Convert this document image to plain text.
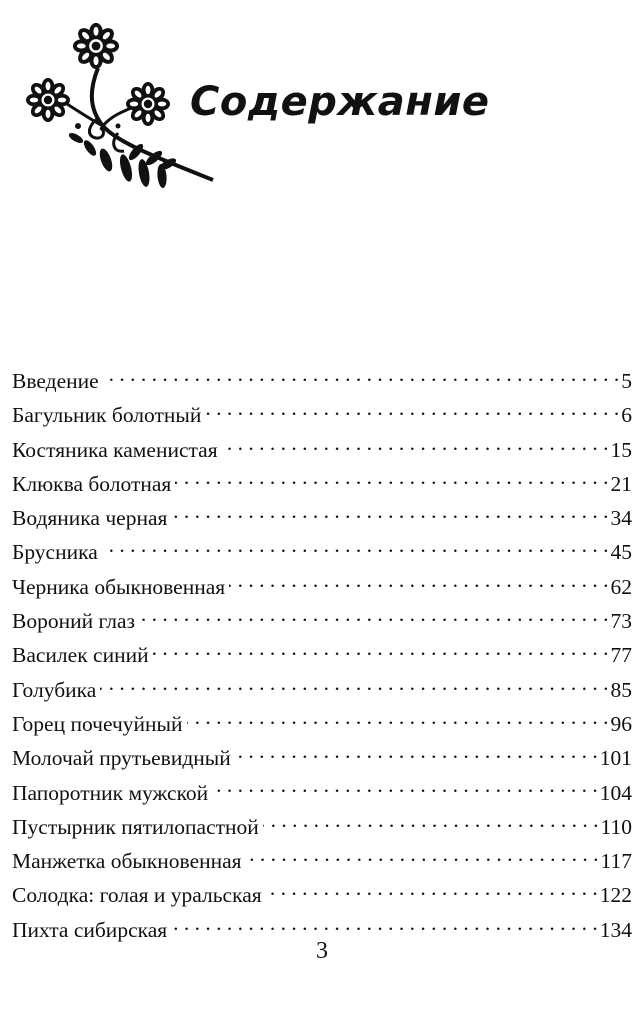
Содержание
Введение . . .	5
Багульник болотный . . .	6
Костяника каменистая . . .	15
Клюква болотная . . .	21
Водяника черная . . .	34
Брусника . . .	45
Черника обыкновенная . . .	62
Вороний глаз . . .	73
Василек синий . . .	77
Голубика . . .	85
Горец почечуйный . . .	96
Молочай прутьевидный . . .	101
Папоротник мужской . . .	104
Пустырник пятилопастной . . .	110
Манжетка обыкновенная . . .	117
Солодка: голая и уральская . . .	122
Пихта сибирская . . .	134
3
